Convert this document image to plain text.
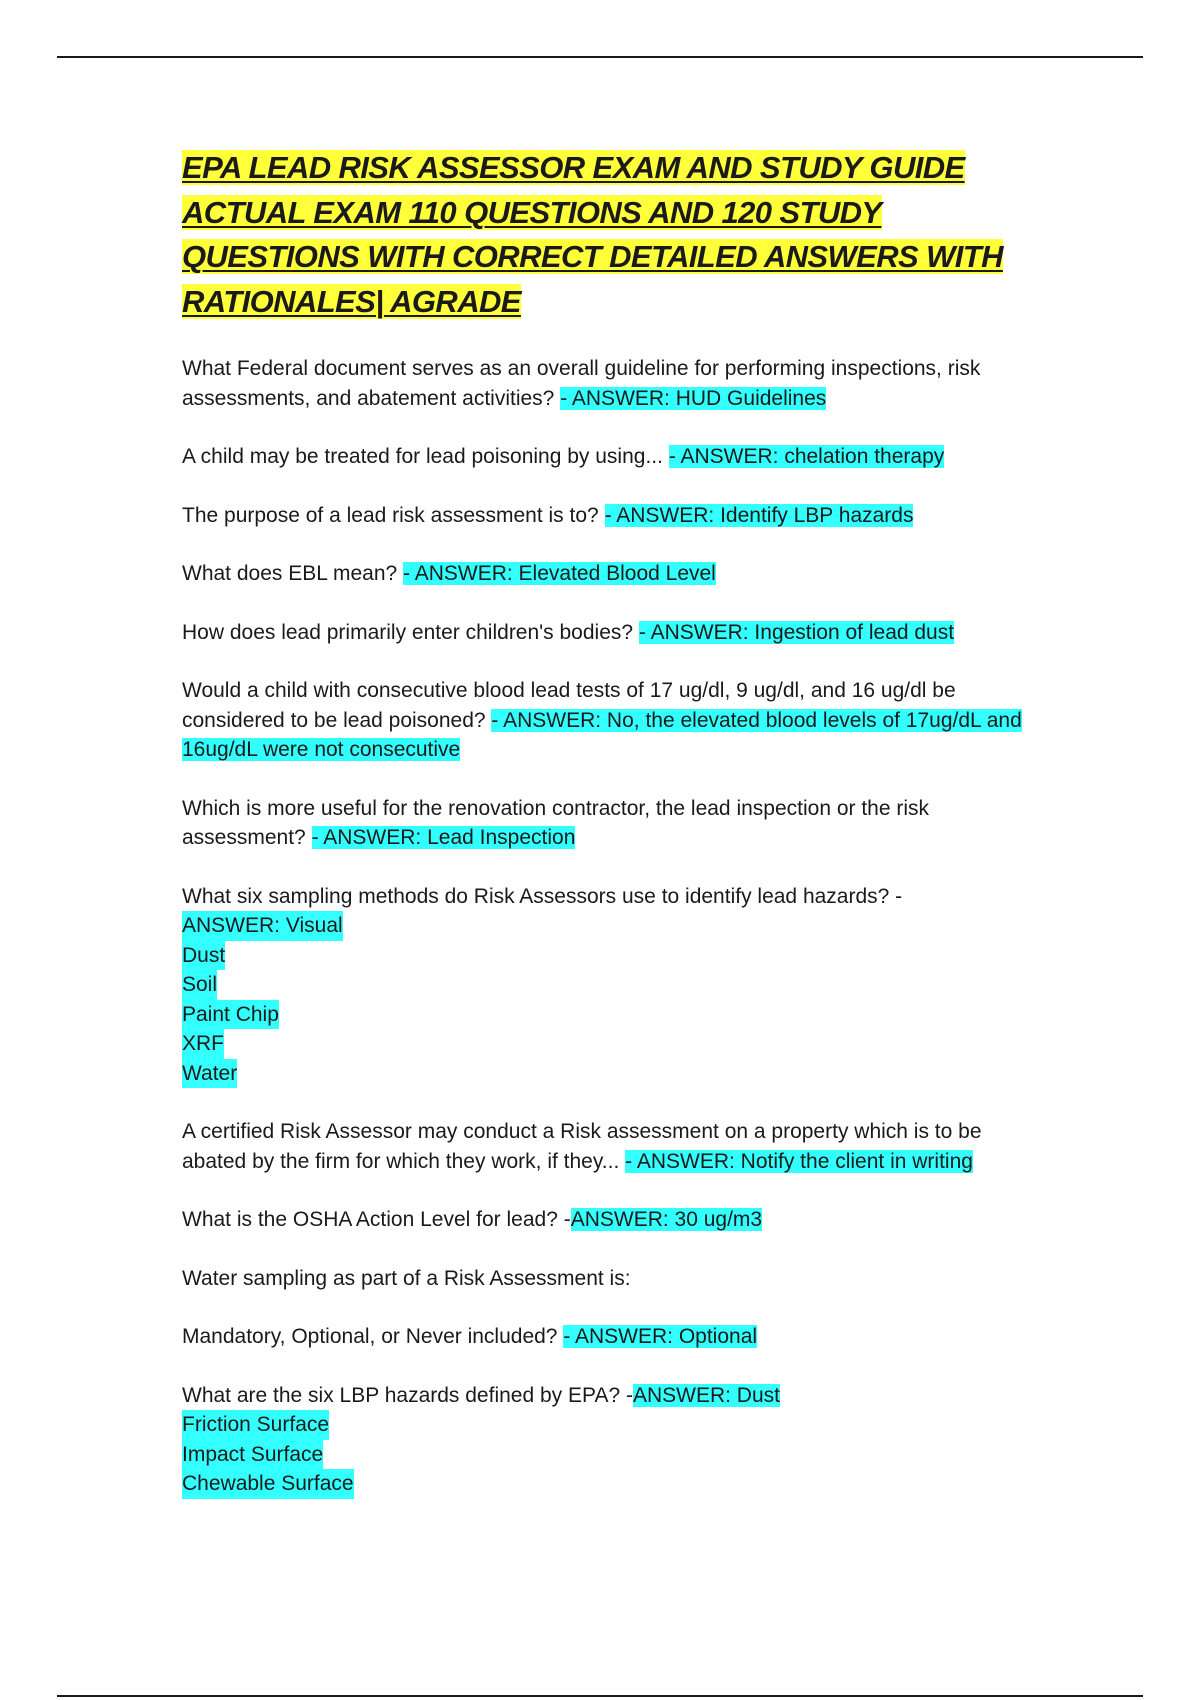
EPA LEAD RISK ASSESSOR EXAM AND STUDY GUIDE
ACTUAL EXAM 110 QUESTIONS AND 120 STUDY
QUESTIONS WITH CORRECT DETAILED ANSWERS WITH
RATIONALES| AGRADE

What Federal document serves as an overall guideline for performing inspections, risk assessments, and abatement activities? - ANSWER: HUD Guidelines

A child may be treated for lead poisoning by using... - ANSWER: chelation therapy

The purpose of a lead risk assessment is to? - ANSWER: Identify LBP hazards

What does EBL mean? - ANSWER: Elevated Blood Level

How does lead primarily enter children's bodies? - ANSWER: Ingestion of lead dust

Would a child with consecutive blood lead tests of 17 ug/dl, 9 ug/dl, and 16 ug/dl be considered to be lead poisoned? - ANSWER: No, the elevated blood levels of 17ug/dL and 16ug/dL were not consecutive

Which is more useful for the renovation contractor, the lead inspection or the risk assessment? - ANSWER: Lead Inspection

What six sampling methods do Risk Assessors use to identify lead hazards? -
ANSWER: Visual
Dust
Soil
Paint Chip
XRF
Water

A certified Risk Assessor may conduct a Risk assessment on a property which is to be abated by the firm for which they work, if they... - ANSWER: Notify the client in writing

What is the OSHA Action Level for lead? -ANSWER: 30 ug/m3

Water sampling as part of a Risk Assessment is:

Mandatory, Optional, or Never included? - ANSWER: Optional

What are the six LBP hazards defined by EPA? -ANSWER: Dust
Friction Surface
Impact Surface
Chewable Surface
